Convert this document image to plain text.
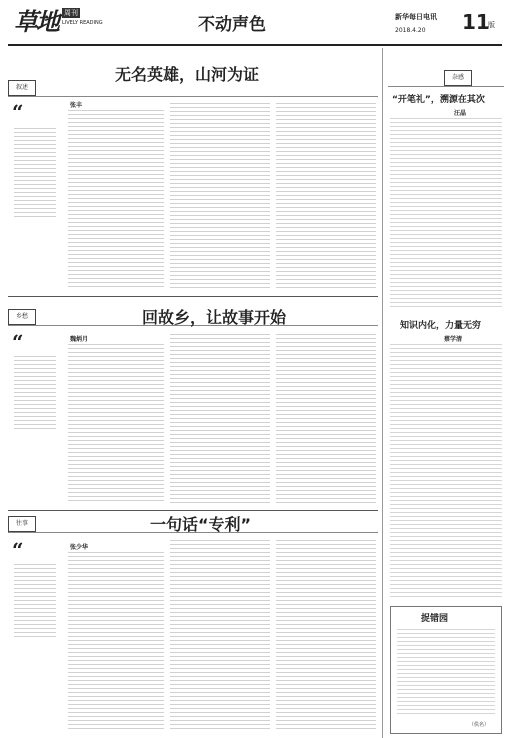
草地 周刊
LIVELY READING	不动声色	新华每日电讯
2018.4.20 11
版
叙述
无名英雄，山河为证
“	张丰
乡愁	回故乡，让故事开始
“	魏炳月
往事	一句话“专利”
“	张少华
杂感
“开笔礼”，溯源在其次
汪晶
知识内化，力量无穷
蔡学清
捉错园
（佚名）
